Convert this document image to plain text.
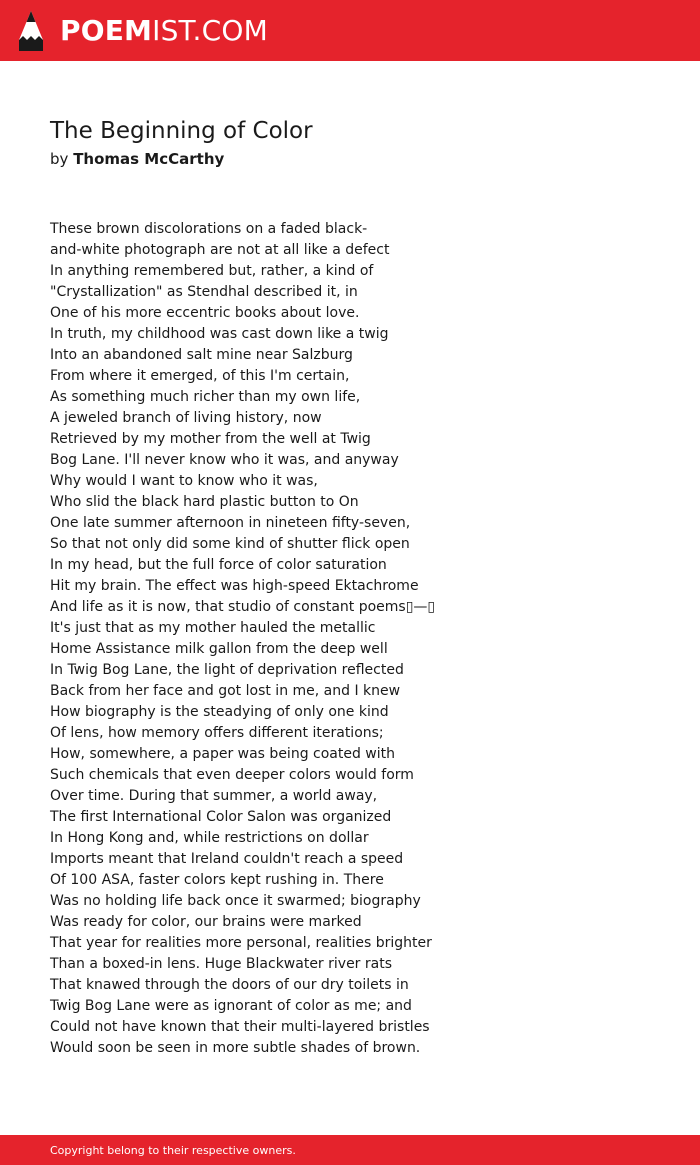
POEMIST.COM
The Beginning of Color
by Thomas McCarthy
These brown discolorations on a faded black-
and-white photograph are not at all like a defect
In anything remembered but, rather, a kind of
"Crystallization" as Stendhal described it, in
One of his more eccentric books about love.
In truth, my childhood was cast down like a twig
Into an abandoned salt mine near Salzburg
From where it emerged, of this I'm certain,
As something much richer than my own life,
A jeweled branch of living history, now
Retrieved by my mother from the well at Twig
Bog Lane. I'll never know who it was, and anyway
Why would I want to know who it was,
Who slid the black hard plastic button to On
One late summer afternoon in nineteen fifty-seven,
So that not only did some kind of shutter flick open
In my head, but the full force of color saturation
Hit my brain. The effect was high-speed Ektachrome
And life as it is now, that studio of constant poems▯—▯
It's just that as my mother hauled the metallic
Home Assistance milk gallon from the deep well
In Twig Bog Lane, the light of deprivation reflected
Back from her face and got lost in me, and I knew
How biography is the steadying of only one kind
Of lens, how memory offers different iterations;
How, somewhere, a paper was being coated with
Such chemicals that even deeper colors would form
Over time. During that summer, a world away,
The first International Color Salon was organized
In Hong Kong and, while restrictions on dollar
Imports meant that Ireland couldn't reach a speed
Of 100 ASA, faster colors kept rushing in. There
Was no holding life back once it swarmed; biography
Was ready for color, our brains were marked
That year for realities more personal, realities brighter
Than a boxed-in lens. Huge Blackwater river rats
That knawed through the doors of our dry toilets in
Twig Bog Lane were as ignorant of color as me; and
Could not have known that their multi-layered bristles
Would soon be seen in more subtle shades of brown.
Copyright belong to their respective owners.
